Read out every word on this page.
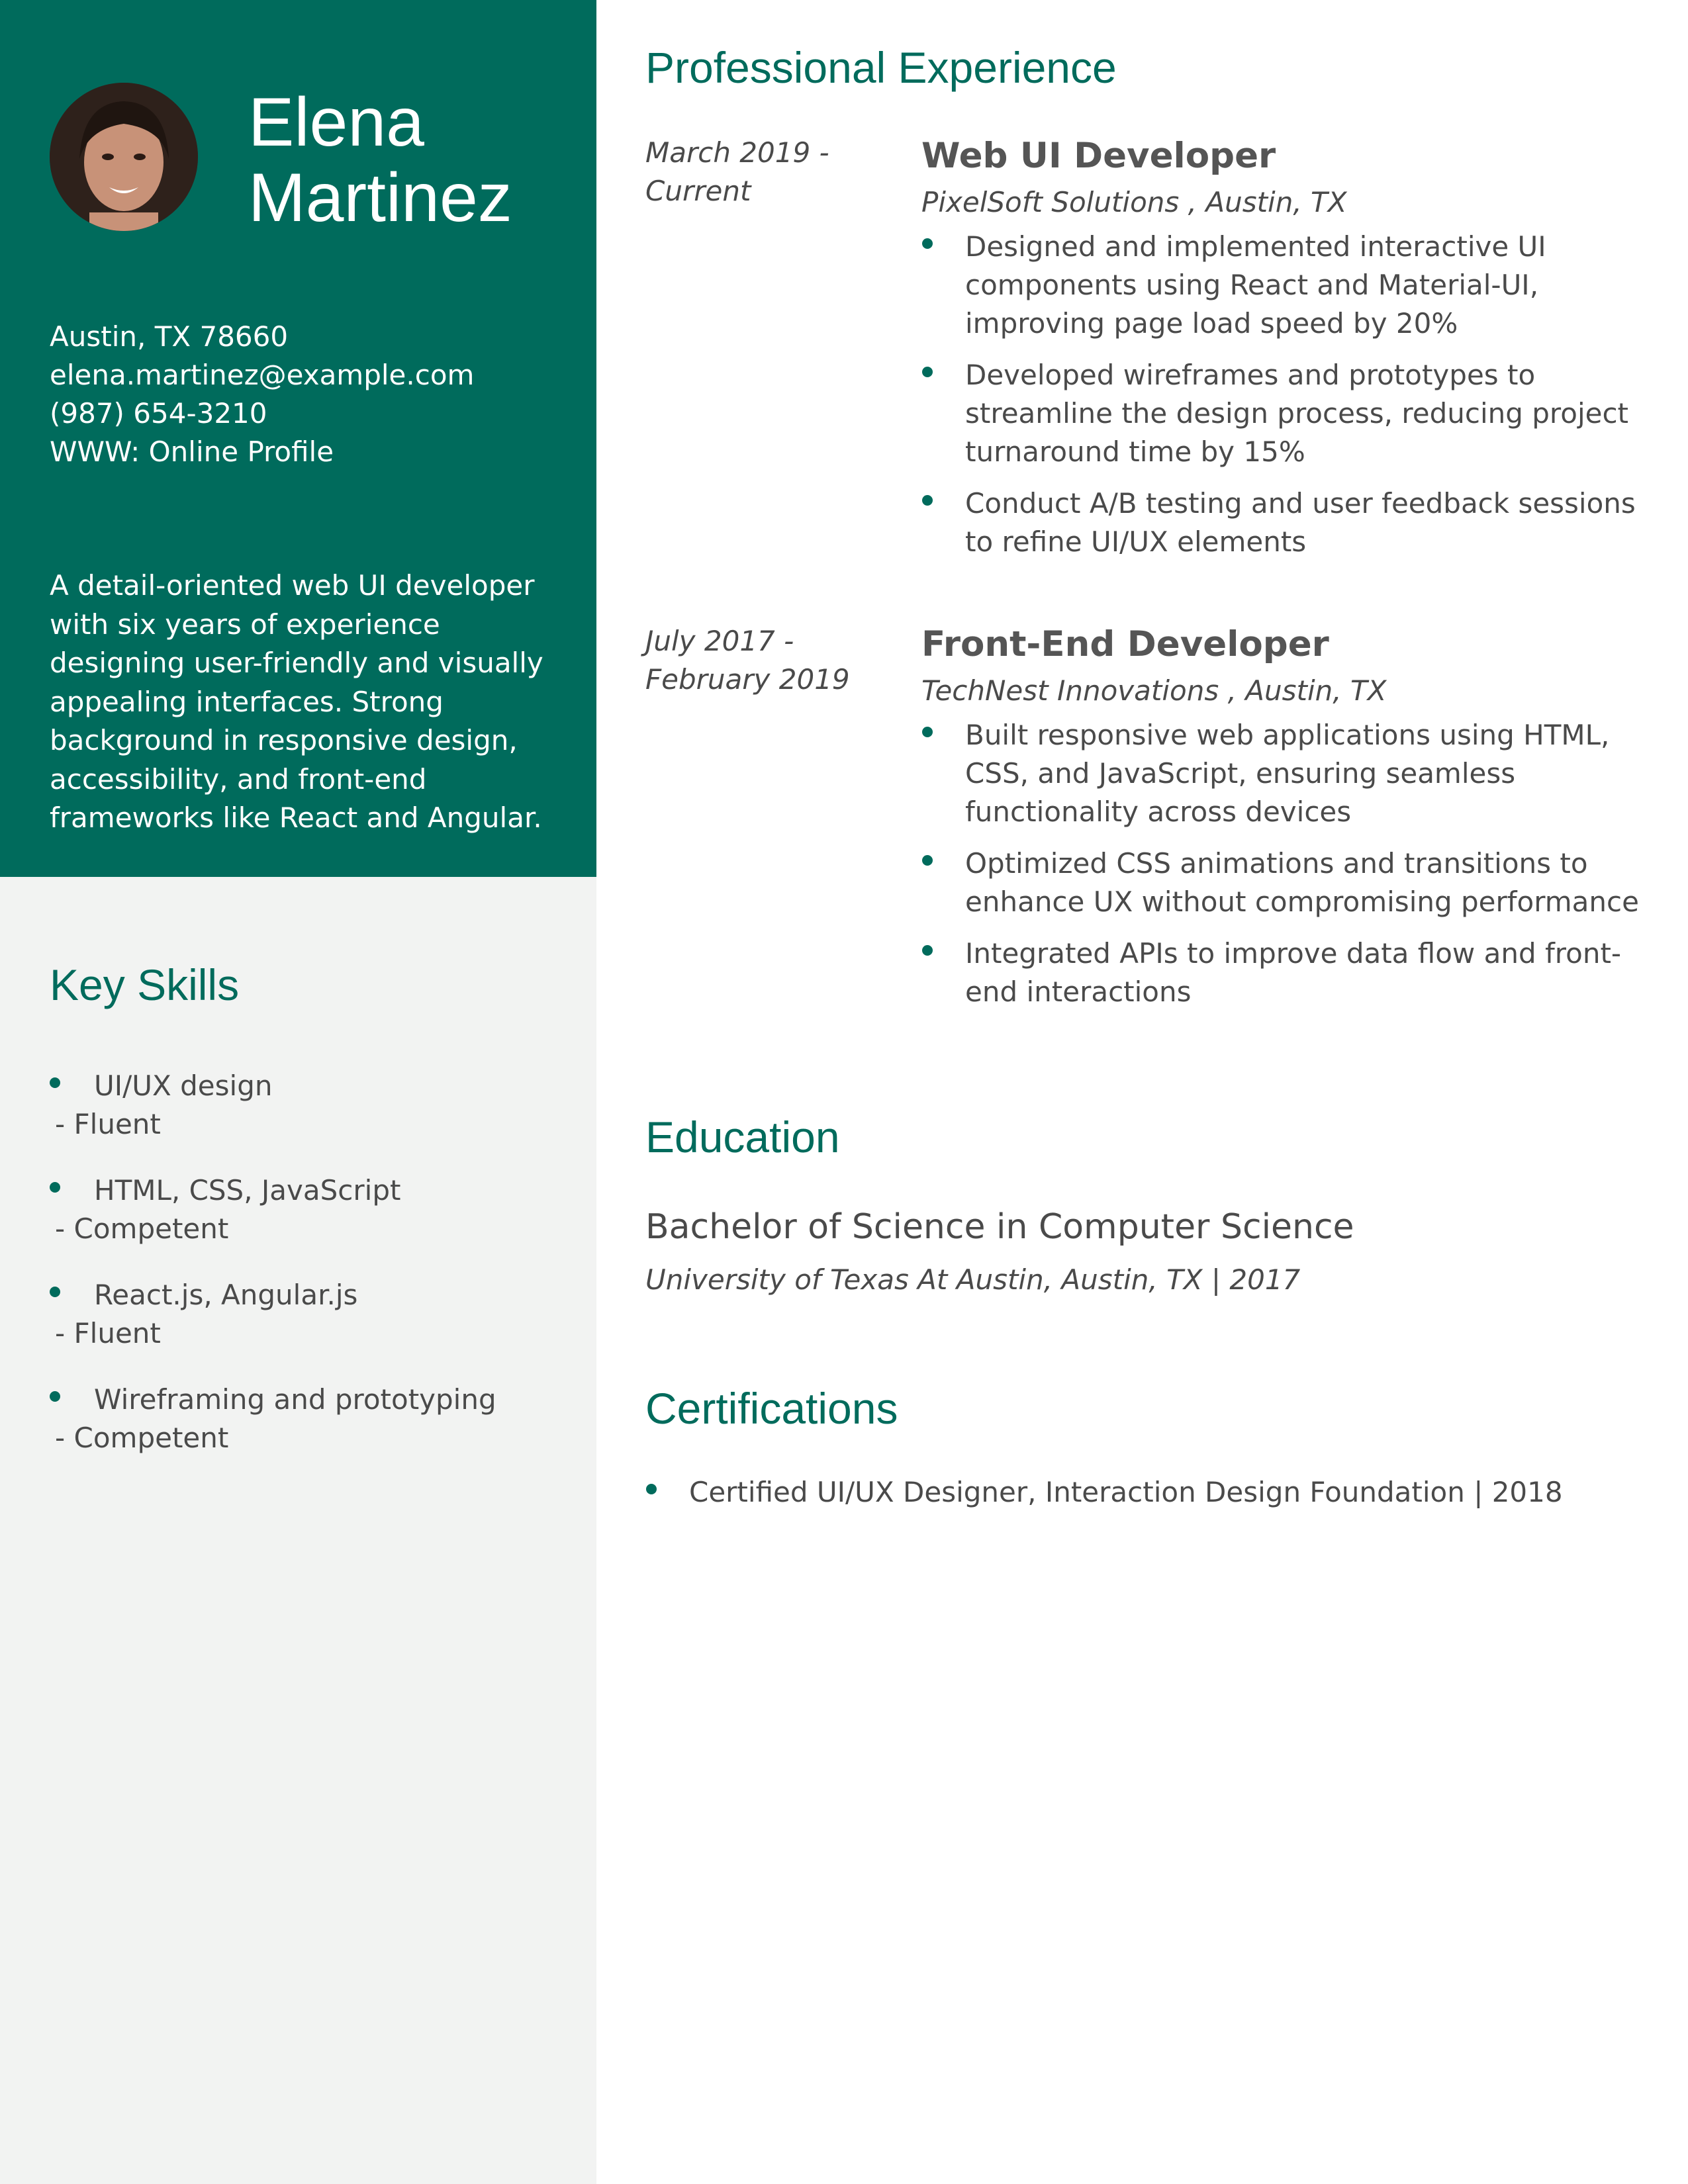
Elena
Martinez
Austin, TX 78660
elena.martinez@example.com
(987) 654-3210
WWW: Online Profile
A detail-oriented web UI developer with six years of experience designing user-friendly and visually appealing interfaces. Strong background in responsive design, accessibility, and front-end frameworks like React and Angular.
Key Skills
UI/UX design
- Fluent
HTML, CSS, JavaScript
- Competent
React.js, Angular.js
- Fluent
Wireframing and prototyping
- Competent
Professional Experience
March 2019 - Current
Web UI Developer
PixelSoft Solutions , Austin, TX
Designed and implemented interactive UI components using React and Material-UI, improving page load speed by 20%
Developed wireframes and prototypes to streamline the design process, reducing project turnaround time by 15%
Conduct A/B testing and user feedback sessions to refine UI/UX elements
July 2017 - February 2019
Front-End Developer
TechNest Innovations , Austin, TX
Built responsive web applications using HTML, CSS, and JavaScript, ensuring seamless functionality across devices
Optimized CSS animations and transitions to enhance UX without compromising performance
Integrated APIs to improve data flow and front-end interactions
Education
Bachelor of Science in Computer Science
University of Texas At Austin, Austin, TX | 2017
Certifications
Certified UI/UX Designer, Interaction Design Foundation | 2018
